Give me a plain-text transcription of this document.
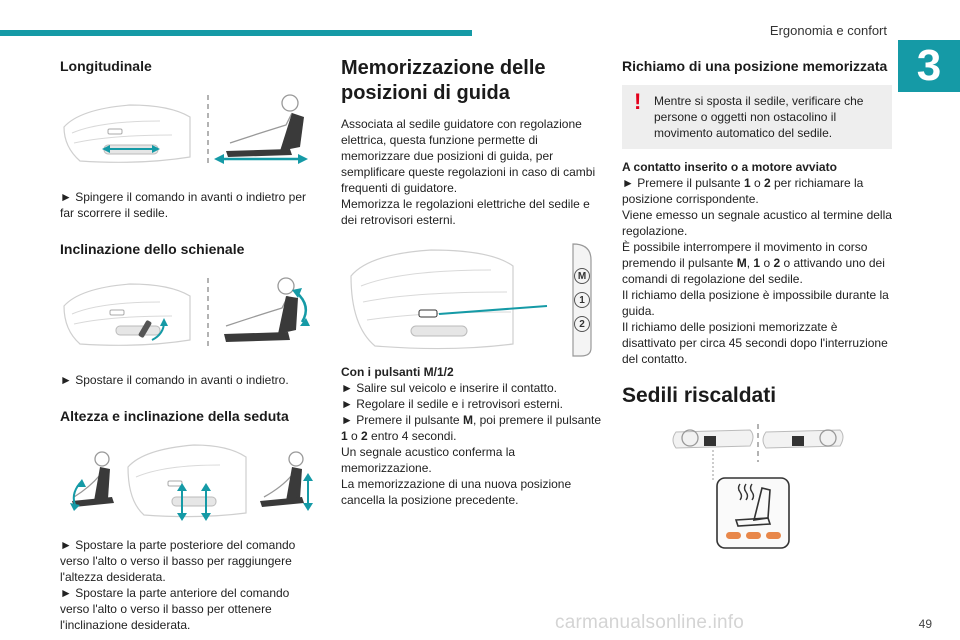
Ergonomia e confort
3
Longitudinale

► Spingere il comando in avanti o indietro per far scorrere il sedile.

Inclinazione dello schienale

► Spostare il comando in avanti o indietro.

Altezza e inclinazione della seduta

► Spostare la parte posteriore del comando verso l'alto o verso il basso per raggiungere l'altezza desiderata.

► Spostare la parte anteriore del comando verso l'alto o verso il basso per ottenere l'inclinazione desiderata.

Memorizzazione delle posizioni di guida

Associata al sedile guidatore con regolazione elettrica, questa funzione permette di memorizzare due posizioni di guida, per semplificare queste regolazioni in caso di cambi frequenti di guidatore.

Memorizza le regolazioni elettriche del sedile e dei retrovisori esterni.

M
1
2

Con i pulsanti M/1/2

► Salire sul veicolo e inserire il contatto.

► Regolare il sedile e i retrovisori esterni.

► Premere il pulsante M, poi premere il pulsante 1 o 2 entro 4 secondi.

Un segnale acustico conferma la memorizzazione.

La memorizzazione di una nuova posizione cancella la posizione precedente.

Richiamo di una posizione memorizzata
! Mentre si sposta il sedile, verificare che persone o oggetti non ostacolino il movimento automatico del sedile.

A contatto inserito o a motore avviato

► Premere il pulsante 1 o 2 per richiamare la posizione corrispondente.

Viene emesso un segnale acustico al termine della regolazione.

È possibile interrompere il movimento in corso premendo il pulsante M, 1 o 2 o attivando uno dei comandi di regolazione del sedile.

Il richiamo della posizione è impossibile durante la guida.

Il richiamo delle posizioni memorizzate è disattivato per circa 45 secondi dopo l'interruzione del contatto.

Sedili riscaldati
carmanualsonline.info	49
